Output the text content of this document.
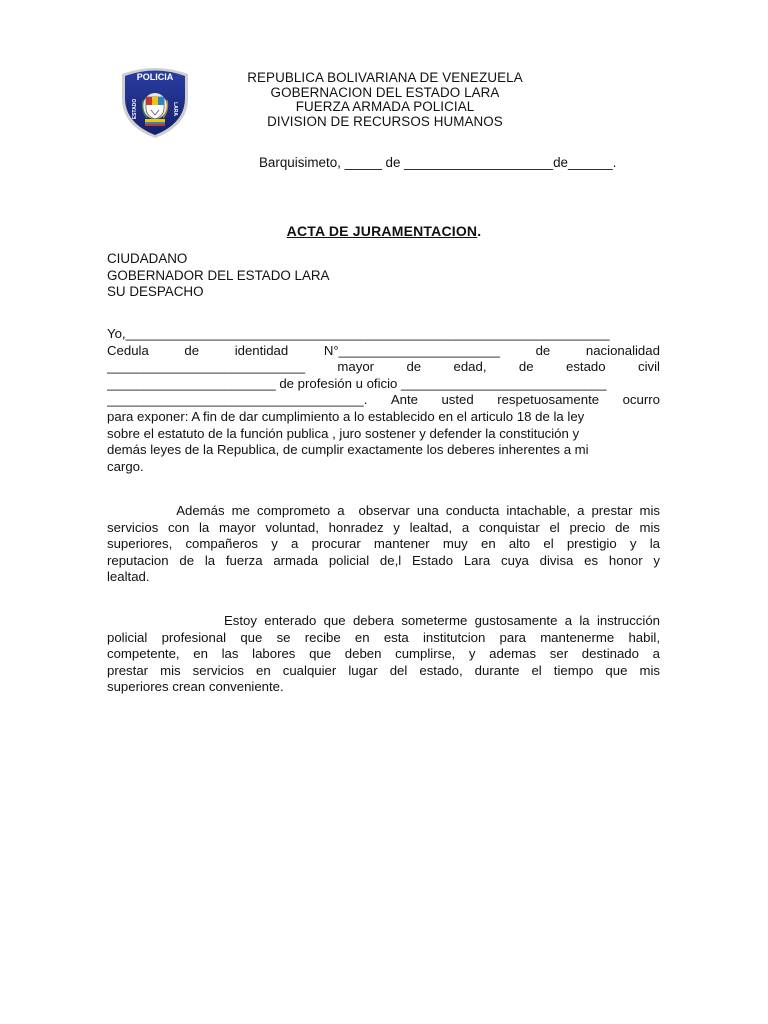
POLICIA
ESTADO	LARA
REPUBLICA BOLIVARIANA DE VENEZUELA
GOBERNACION DEL ESTADO LARA
FUERZA ARMADA POLICIAL
DIVISION DE RECURSOS HUMANOS
Barquisimeto, _____ de ____________________de______.
ACTA DE JURAMENTACION.
CIUDADANO
GOBERNADOR DEL ESTADO LARA
SU DESPACHO
Yo,__________________________________________________________________
Cedula	de	identidad	N°______________________	de	nacionalidad
___________________________ mayor de edad, de estado civil
_______________________ de profesión u oficio ____________________________
___________________________________. Ante usted respetuosamente ocurro
para exponer: A fin de dar cumplimiento a lo establecido en el articulo 18 de la ley
sobre el estatuto de la función publica , juro sostener y defender la constitución y
demás leyes de la Republica, de cumplir exactamente los deberes inherentes a mi
cargo.
Además me comprometo a  observar una conducta intachable, a prestar mis
servicios con la mayor voluntad, honradez y lealtad, a conquistar el precio de mis
superiores, compañeros y a procurar mantener muy en alto el prestigio y la
reputacion de la fuerza armada policial de,l Estado Lara cuya divisa es honor y
lealtad.
Estoy enterado que debera someterme gustosamente a la instrucción
policial profesional que se recibe en esta institutcion para mantenerme habil,
competente, en las labores que deben cumplirse, y ademas ser destinado a
prestar mis servicios en cualquier lugar del estado, durante el tiempo que mis
superiores crean conveniente.
